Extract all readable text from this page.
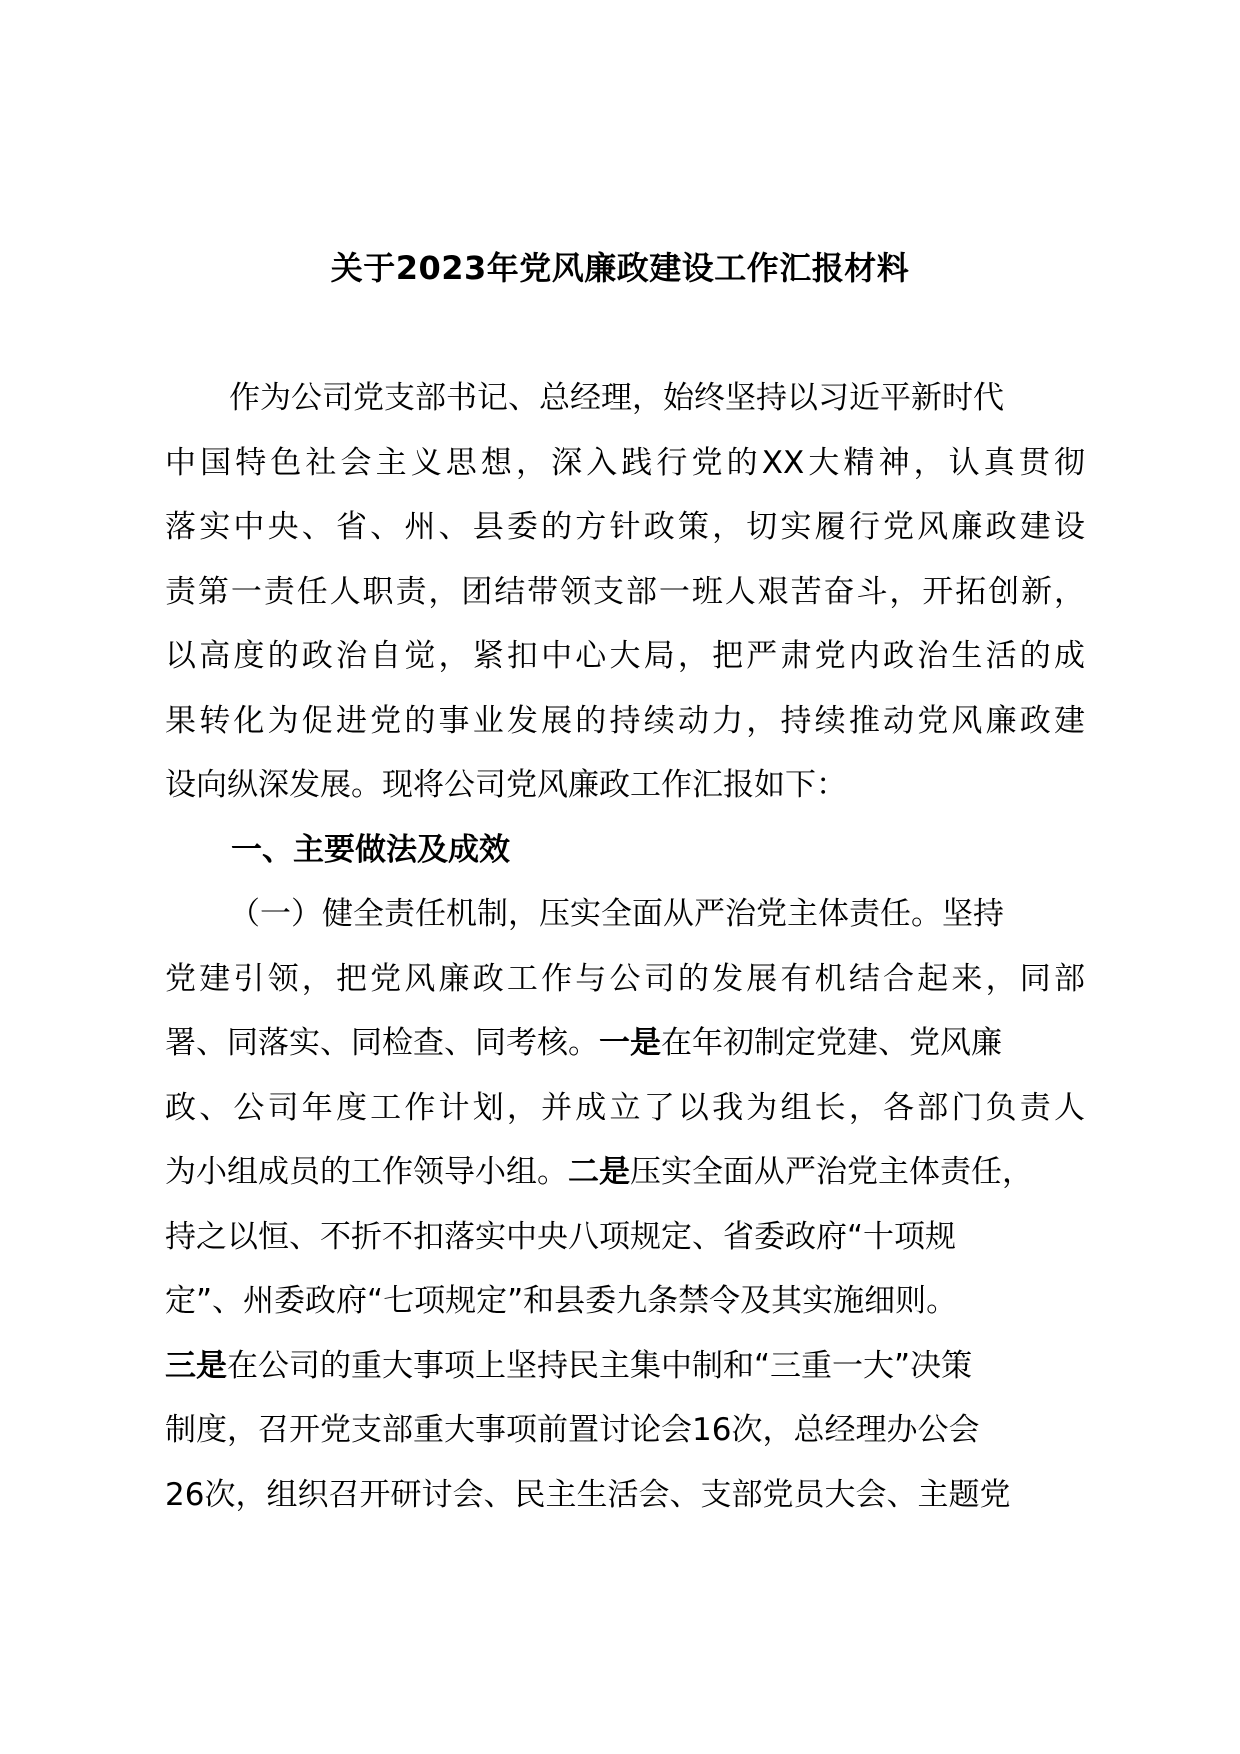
关于2023年党风廉政建设工作汇报材料
作为公司党支部书记、总经理，始终坚持以习近平新时代
中国特色社会主义思想，深入践行党的XX大精神，认真贯彻
落实中央、省、州、县委的方针政策，切实履行党风廉政建设
责第一责任人职责，团结带领支部一班人艰苦奋斗，开拓创新，
以高度的政治自觉，紧扣中心大局，把严肃党内政治生活的成
果转化为促进党的事业发展的持续动力，持续推动党风廉政建
设向纵深发展。现将公司党风廉政工作汇报如下：
一、主要做法及成效
（一）健全责任机制，压实全面从严治党主体责任。坚持
党建引领，把党风廉政工作与公司的发展有机结合起来，同部
署、同落实、同检查、同考核。一是在年初制定党建、党风廉
政、公司年度工作计划，并成立了以我为组长，各部门负责人
为小组成员的工作领导小组。二是压实全面从严治党主体责任，
持之以恒、不折不扣落实中央八项规定、省委政府“十项规
定”、州委政府“七项规定”和县委九条禁令及其实施细则。
三是在公司的重大事项上坚持民主集中制和“三重一大”决策
制度，召开党支部重大事项前置讨论会16次，总经理办公会
26次，组织召开研讨会、民主生活会、支部党员大会、主题党
